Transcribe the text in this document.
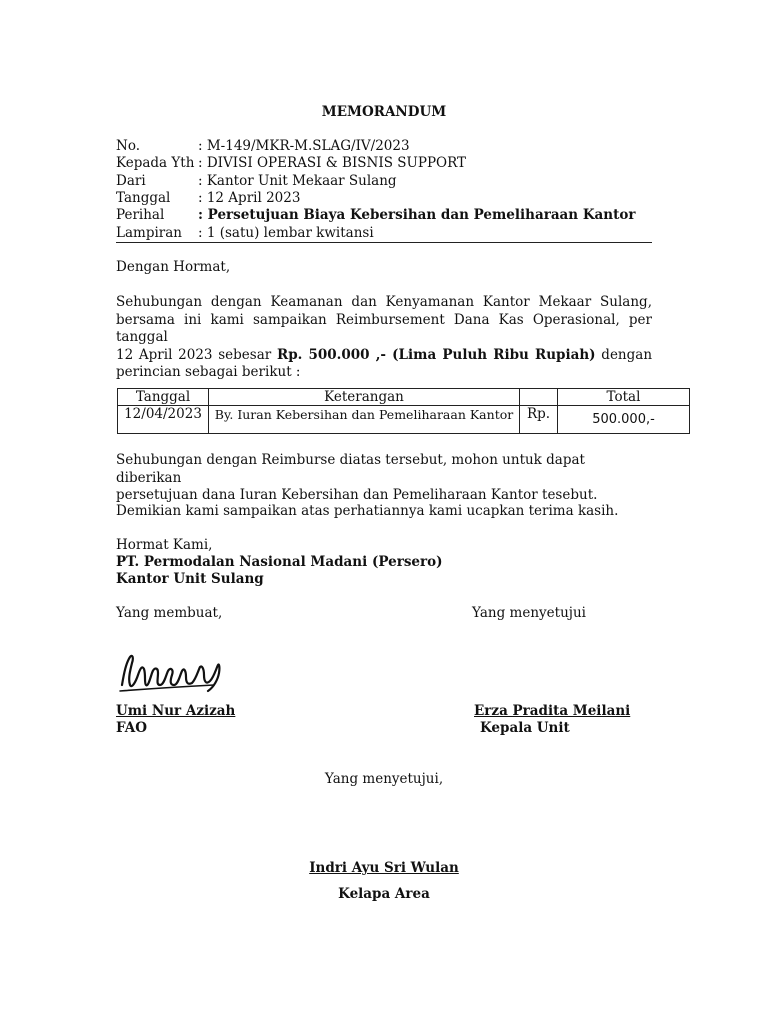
MEMORANDUM
No.	: M-149/MKR-M.SLAG/IV/2023
Kepada Yth : DIVISI OPERASI & BISNIS SUPPORT
Dari	: Kantor Unit Mekaar Sulang
Tanggal	: 12 April 2023
Perihal	: Persetujuan Biaya Kebersihan dan Pemeliharaan Kantor
Lampiran	: 1 (satu) lembar kwitansi
Dengan Hormat,
Sehubungan dengan Keamanan dan Kenyamanan Kantor Mekaar Sulang,
bersama ini kami sampaikan Reimbursement Dana Kas Operasional, per tanggal
12 April 2023 sebesar Rp. 500.000 ,- (Lima Puluh Ribu Rupiah) dengan
perincian sebagai berikut :
Tanggal	Keterangan		Total
12/04/2023	By. Iuran Kebersihan dan Pemeliharaan Kantor	Rp.	500.000,-
Sehubungan dengan Reimburse diatas tersebut, mohon untuk dapat diberikan
persetujuan dana Iuran Kebersihan dan Pemeliharaan Kantor tesebut.
Demikian kami sampaikan atas perhatiannya kami ucapkan terima kasih.
Hormat Kami,
PT. Permodalan Nasional Madani (Persero)
Kantor Unit Sulang
Yang membuat,	Yang menyetujui
Umi Nur Azizah
FAO
Erza Pradita Meilani
Kepala Unit
Yang menyetujui,
Indri Ayu Sri Wulan
Kelapa Area
